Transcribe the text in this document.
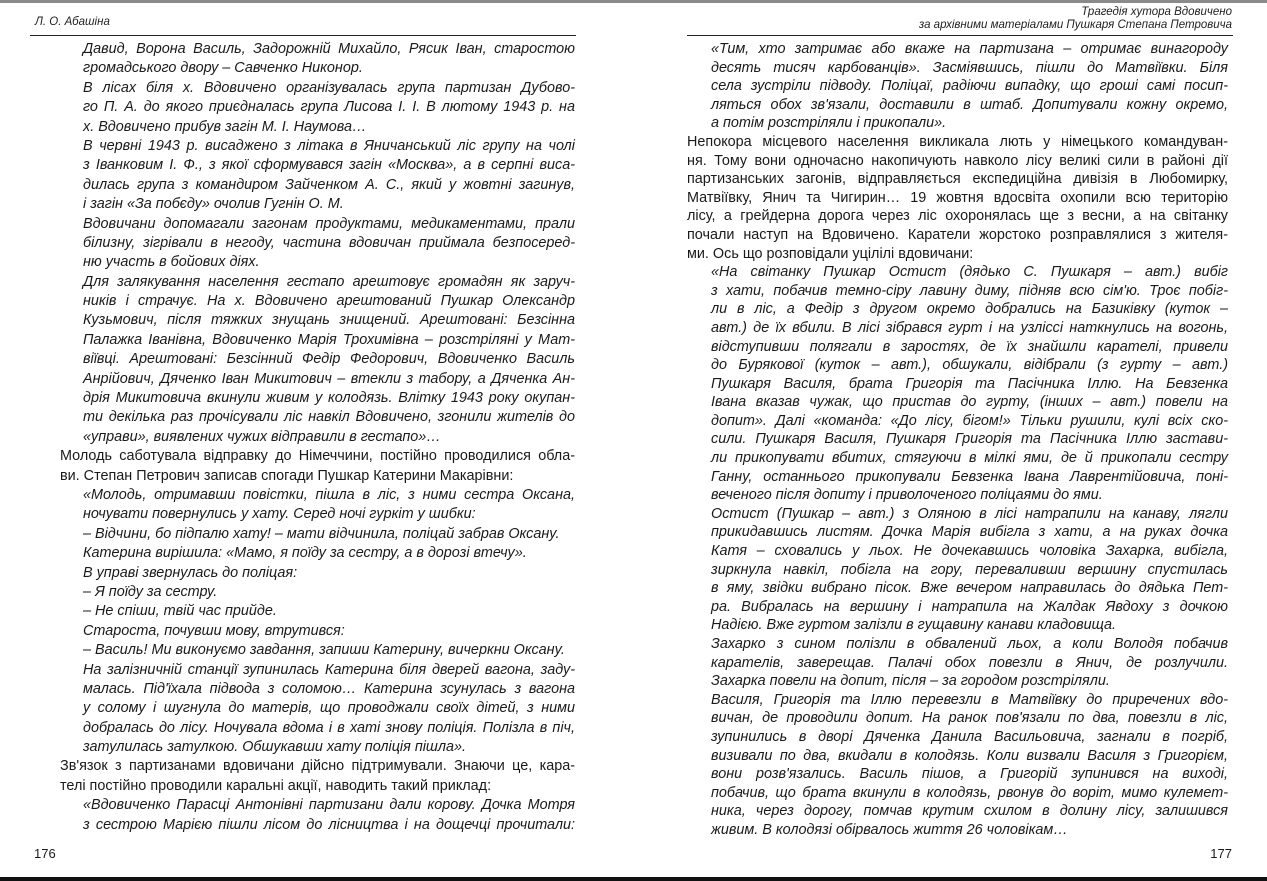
Л. О. Абашіна
Давид, Ворона Василь, Задорожній Михайло, Рясик Іван, старостою
громадського двору – Савченко Никонор.
В лісах біля х. Вдовичено організувалась група партизан Дубово-
го П. А. до якого приєдналась група Лисова І. І. В лютому 1943 р. на
х. Вдовичено прибув загін М. І. Наумова…
В червні 1943 р. висаджено з літака в Яничанський ліс групу на чолі
з Іванковим І. Ф., з якої сформувався загін «Москва», а в серпні виса-
дилась група з командиром Зайченком А. С., який у жовтні загинув,
і загін «За побєду» очолив Гугнін О. М.
Вдовичани допомагали загонам продуктами, медикаментами, прали
білизну, зігрівали в негоду, частина вдовичан приймала безпосеред-
ню участь в бойових діях.
Для залякування населення гестапо арештовує громадян як заруч-
ників і страчує. На х. Вдовичено арештований Пушкар Олександр
Кузьмович, після тяжких знущань знищений. Арештовані: Безсінна
Палажка Іванівна, Вдовиченко Марія Трохимівна – розстріляні у Мат-
віївці. Арештовані: Безсінний Федір Федорович, Вдовиченко Василь
Анрійович, Дяченко Іван Микитович – втекли з табору, а Дяченка Ан-
дрія Микитовича вкинули живим у колодязь. Влітку 1943 року окупан-
ти декілька раз прочісували ліс навкіл Вдовичено, згонили жителів до
«управи», виявлених чужих відправили в гестапо»…
Молодь саботувала відправку до Німеччини, постійно проводилися обла-
ви. Степан Петрович записав спогади Пушкар Катерини Макарівни:
«Молодь, отримавши повістки, пішла в ліс, з ними сестра Оксана,
ночувати повернулись у хату. Серед ночі гуркіт у шибки:
– Відчини, бо підпалю хату! – мати відчинила, поліцай забрав Оксану.
Катерина вирішила: «Мамо, я поїду за сестру, а в дорозі втечу».
В управі звернулась до поліцая:
– Я поїду за сестру.
– Не спіши, твій час прийде.
Староста, почувши мову, втрутився:
– Василь! Ми виконуємо завдання, запиши Катерину, вичеркни Оксану.
На залізничній станції зупинилась Катерина біля дверей вагона, заду-
малась. Під'їхала підвода з соломою… Катерина зсунулась з вагона
у солому і шугнула до матерів, що проводжали своїх дітей, з ними
добралась до лісу. Ночувала вдома і в хаті знову поліція. Полізла в піч,
затулилась затулкою. Обшукавши хату поліція пішла».
Зв'язок з партизанами вдовичани дійсно підтримували. Знаючи це, кара-
телі постійно проводили каральні акції, наводить такий приклад:
«Вдовиченко Парасці Антонівні партизани дали корову. Дочка Мотря
з сестрою Марією пішли лісом до лісництва і на дощечці прочитали:
176
Трагедія хутора Вдовичено
за архівними матеріалами Пушкаря Степана Петровича
«Тим, хто затримає або вкаже на партизана – отримає винагороду
десять тисяч карбованців». Засміявшись, пішли до Матвіївки. Біля
села зустріли підводу. Поліцаї, радіючи випадку, що гроші самі посип-
ляться обох зв'язали, доставили в штаб. Допитували кожну окремо,
а потім розстріляли і прикопали».
Непокора місцевого населення викликала лють у німецького командуван-
ня. Тому вони одночасно накопичують навколо лісу великі сили в районі дії
партизанських загонів, відправляється експедиційна дивізія в Любомирку,
Матвіївку, Янич та Чигирин… 19 жовтня вдосвіта охопили всю територію
лісу, а грейдерна дорога через ліс охоронялась ще з весни, а на світанку
почали наступ на Вдовичено. Каратели жорстоко розправлялися з жителя-
ми. Ось що розповідали уцілілі вдовичани:
«На світанку Пушкар Остист (дядько С. Пушкаря – авт.) вибіг
з хати, побачив темно-сіру лавину диму, підняв всю сім'ю. Троє побіг-
ли в ліс, а Федір з другом окремо добрались на Базиківку (куток –
авт.) де їх вбили. В лісі зібрався гурт і на узліссі наткнулись на вогонь,
відступивши полягали в заростях, де їх знайшли карателі, привели
до Бурякової (куток – авт.), обшукали, відібрали (з гурту – авт.)
Пушкаря Василя, брата Григорія та Пасічника Іллю. На Бевзенка
Івана вказав чужак, що пристав до гурту, (інших – авт.) повели на
допит». Далі «команда: «До лісу, бігом!» Тільки рушили, кулі всіх ско-
сили. Пушкаря Василя, Пушкаря Григорія та Пасічника Іллю застави-
ли прикопувати вбитих, стягуючи в мілкі ями, де й прикопали сестру
Ганну, останнього прикопували Бевзенка Івана Лаврентійовича, поні-
веченого після допиту і приволоченого поліцаями до ями.
Остист (Пушкар – авт.) з Оляною в лісі натрапили на канаву, лягли
прикидавшись листям. Дочка Марія вибігла з хати, а на руках дочка
Катя – сховались у льох. Не дочекавшись чоловіка Захарка, вибігла,
зиркнула навкіл, побігла на гору, переваливши вершину спустилась
в яму, звідки вибрано пісок. Вже вечером направилась до дядька Пет-
ра. Вибралась на вершину і натрапила на Жалдак Явдоху з дочкою
Надією. Вже гуртом залізли в гущавину канави кладовища.
Захарко з сином полізли в обвалений льох, а коли Володя побачив
карателів, заверещав. Палачі обох повезли в Янич, де розлучили.
Захарка повели на допит, після – за городом розстріляли.
Василя, Григорія та Іллю перевезли в Матвіївку до приречених вдо-
вичан, де проводили допит. На ранок пов'язали по два, повезли в ліс,
зупинились в дворі Дяченка Данила Васильовича, загнали в погріб,
визивали по два, вкидали в колодязь. Коли визвали Василя з Григорієм,
вони розв'язались. Василь пішов, а Григорій зупинився на виході,
побачив, що брата вкинули в колодязь, рвонув до воріт, мимо кулемет-
ника, через дорогу, помчав крутим схилом в долину лісу, залишився
живим. В колодязі обірвалось життя 26 чоловікам…
177
